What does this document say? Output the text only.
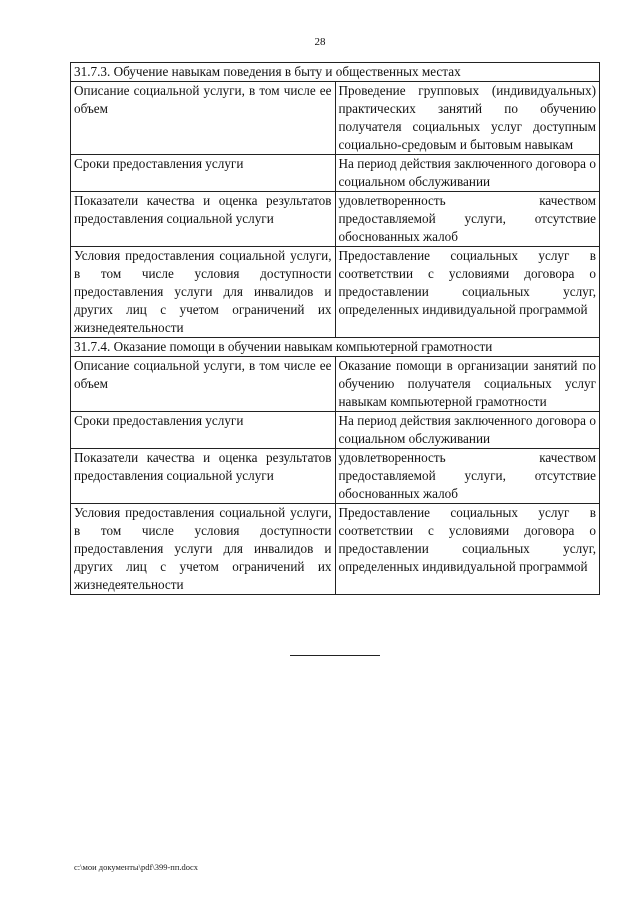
28
31.7.3. Обучение навыкам поведения в быту и общественных местах	
Описание социальной услуги, в том числе ее объем	Проведение групповых (индивидуальных) практических занятий по обучению получателя социальных услуг доступным социально-средовым и бытовым навыкам
Сроки предоставления услуги	На период действия заключенного договора о социальном обслуживании
Показатели качества и оценка результатов предоставления социальной услуги	удовлетворенность качеством предоставляемой услуги, отсутствие обоснованных жалоб
Условия предоставления социальной услуги, в том числе условия доступности предоставления услуги для инвалидов и других лиц с учетом ограничений их жизнедеятельности	Предоставление социальных услуг в соответствии с условиями договора о предоставлении социальных услуг, определенных индивидуальной программой
31.7.4. Оказание помощи в обучении навыкам компьютерной грамотности	
Описание социальной услуги, в том числе ее объем	Оказание помощи в организации занятий по обучению получателя социальных услуг навыкам компьютерной грамотности
Сроки предоставления услуги	На период действия заключенного договора о социальном обслуживании
Показатели качества и оценка результатов предоставления социальной услуги	удовлетворенность качеством предоставляемой услуги, отсутствие обоснованных жалоб
Условия предоставления социальной услуги, в том числе условия доступности предоставления услуги для инвалидов и других лиц с учетом ограничений их жизнедеятельности	Предоставление социальных услуг в соответствии с условиями договора о предоставлении социальных услуг, определенных индивидуальной программой
c:\мои документы\pdf\399-пп.docx
